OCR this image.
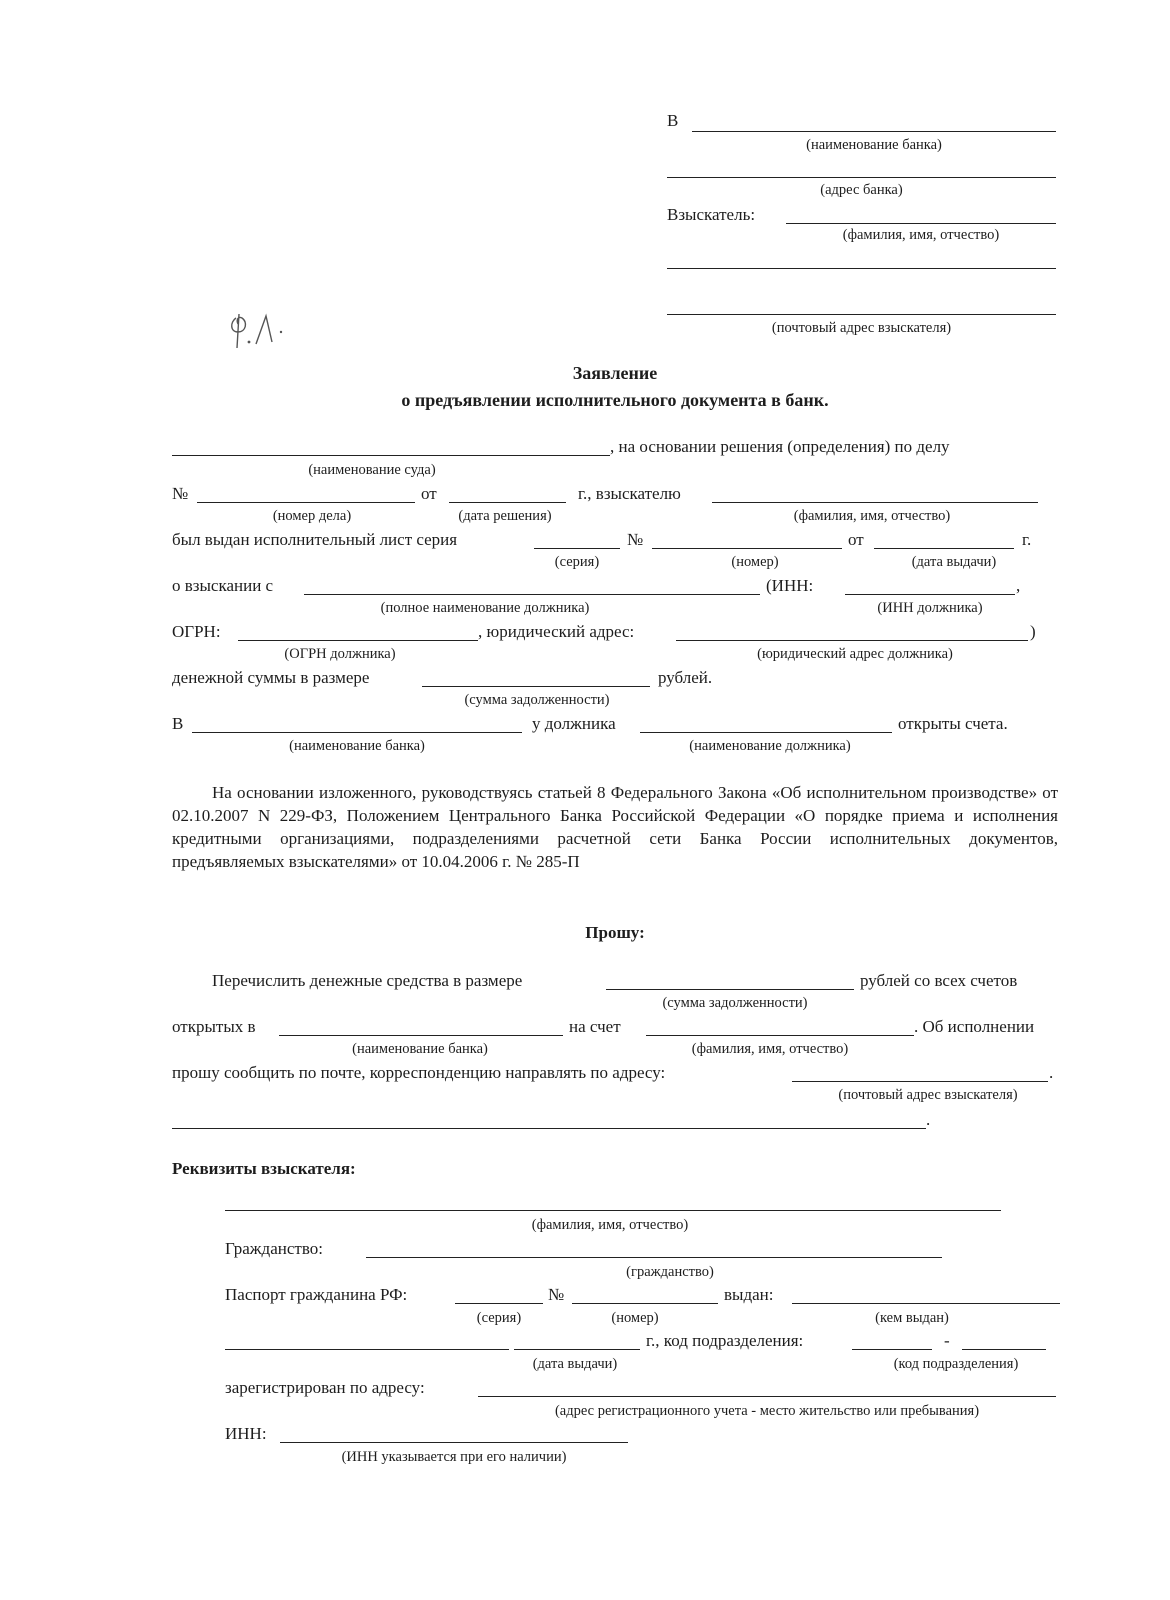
В
(наименование банка)
(адрес банка)
Взыскатель:
(фамилия, имя, отчество)
(почтовый адрес взыскателя)
Заявление
о предъявлении исполнительного документа в банк.
, на основании решения (определения) по делу
(наименование суда)
№	от	г., взыскателю
(номер дела)	(дата решения)	(фамилия, имя, отчество)
был выдан исполнительный лист серия	№	от	г.
(серия)	(номер)	(дата выдачи)
о взыскании с	(ИНН:	,
(полное наименование должника)	(ИНН должника)
ОГРН:	, юридический адрес:	)
(ОГРН должника)	(юридический адрес должника)
денежной суммы в размере	рублей.
(сумма задолженности)
В	у должника	открыты счета.
(наименование банка)	(наименование должника)
На основании изложенного, руководствуясь статьей 8 Федерального Закона «Об исполнительном производстве» от 02.10.2007 N 229-ФЗ, Положением Центрального Банка Российской Федерации «О порядке приема и исполнения кредитными организациями, подразделениями расчетной сети Банка России исполнительных документов, предъявляемых взыскателями» от 10.04.2006 г. № 285-П
Прошу:
Перечислить денежные средства в размере	рублей со всех счетов
(сумма задолженности)
открытых в	на счет	. Об исполнении
(наименование банка)	(фамилия, имя, отчество)
прошу сообщить по почте, корреспонденцию направлять по адресу:	.
(почтовый адрес взыскателя)
.
Реквизиты взыскателя:
(фамилия, имя, отчество)
Гражданство:
(гражданство)
Паспорт гражданина РФ:	№	выдан:
(серия)	(номер)	(кем выдан)
г., код подразделения:	-
(дата выдачи)	(код подразделения)
зарегистрирован по адресу:
(адрес регистрационного учета - место жительство или пребывания)
ИНН:
(ИНН указывается при его наличии)
